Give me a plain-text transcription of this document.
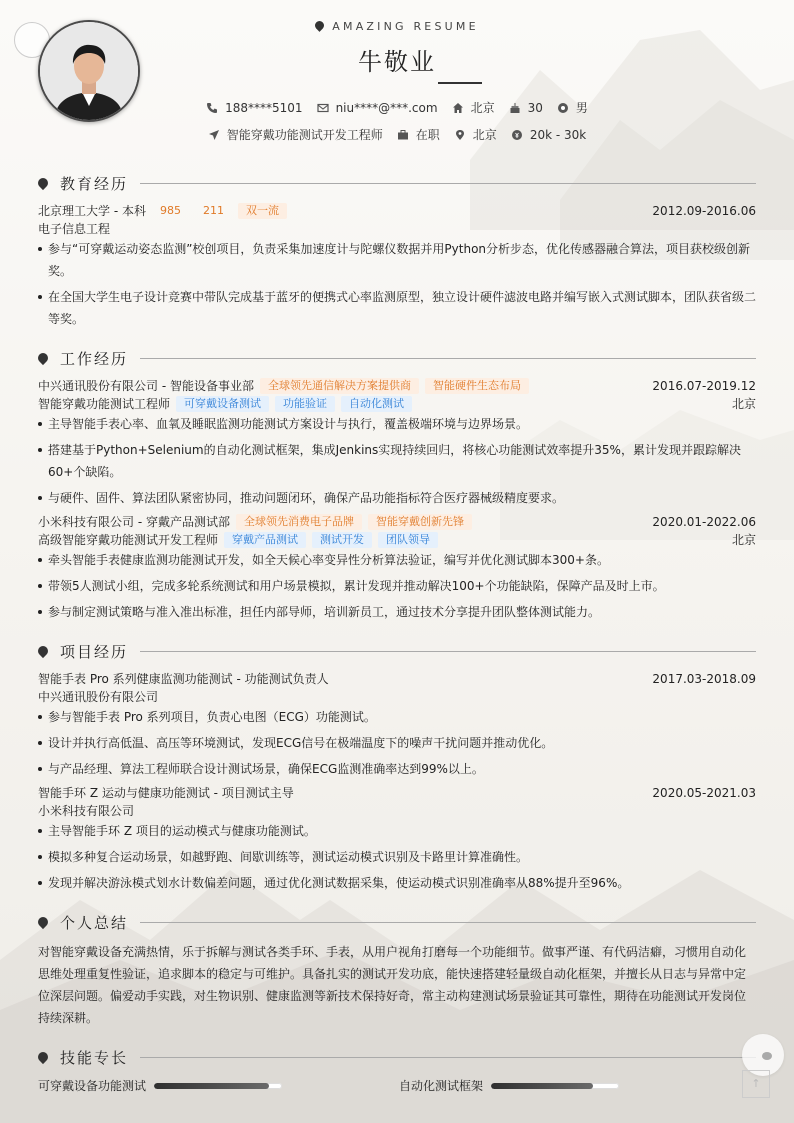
AMAZING RESUME
牛敬业
188****5101	niu****@***.com	北京	30	男
智能穿戴功能测试开发工程师	在职	北京	20k - 30k
教育经历
北京理工大学 - 本科	985	211	双一流	2012.09-2016.06
电子信息工程
参与“可穿戴运动姿态监测”校创项目，负责采集加速度计与陀螺仪数据并用Python分析步态，优化传感器融合算法，项目获校级创新奖。
在全国大学生电子设计竞赛中带队完成基于蓝牙的便携式心率监测原型，独立设计硬件滤波电路并编写嵌入式测试脚本，团队获省级二等奖。
工作经历
中兴通讯股份有限公司 - 智能设备事业部	全球领先通信解决方案提供商	智能硬件生态布局	2016.07-2019.12
智能穿戴功能测试工程师	可穿戴设备测试	功能验证	自动化测试	北京
主导智能手表心率、血氧及睡眠监测功能测试方案设计与执行，覆盖极端环境与边界场景。
搭建基于Python+Selenium的自动化测试框架，集成Jenkins实现持续回归，将核心功能测试效率提升35%，累计发现并跟踪解决60+个缺陷。
与硬件、固件、算法团队紧密协同，推动问题闭环，确保产品功能指标符合医疗器械级精度要求。
小米科技有限公司 - 穿戴产品测试部	全球领先消费电子品牌	智能穿戴创新先锋	2020.01-2022.06
高级智能穿戴功能测试开发工程师	穿戴产品测试	测试开发	团队领导	北京
牵头智能手表健康监测功能测试开发，如全天候心率变异性分析算法验证，编写并优化测试脚本300+条。
带领5人测试小组，完成多轮系统测试和用户场景模拟，累计发现并推动解决100+个功能缺陷，保障产品及时上市。
参与制定测试策略与准入准出标准，担任内部导师，培训新员工，通过技术分享提升团队整体测试能力。
项目经历
智能手表 Pro 系列健康监测功能测试 - 功能测试负责人	2017.03-2018.09
中兴通讯股份有限公司
参与智能手表 Pro 系列项目，负责心电图（ECG）功能测试。
设计并执行高低温、高压等环境测试，发现ECG信号在极端温度下的噪声干扰问题并推动优化。
与产品经理、算法工程师联合设计测试场景，确保ECG监测准确率达到99%以上。
智能手环 Z 运动与健康功能测试 - 项目测试主导	2020.05-2021.03
小米科技有限公司
主导智能手环 Z 项目的运动模式与健康功能测试。
模拟多种复合运动场景，如越野跑、间歇训练等，测试运动模式识别及卡路里计算准确性。
发现并解决游泳模式划水计数偏差问题，通过优化测试数据采集，使运动模式识别准确率从88%提升至96%。
个人总结

对智能穿戴设备充满热情，乐于拆解与测试各类手环、手表，从用户视角打磨每一个功能细节。做事严谨、有代码洁癖，习惯用自动化思维处理重复性验证，追求脚本的稳定与可维护。具备扎实的测试开发功底，能快速搭建轻量级自动化框架，并擅长从日志与异常中定位深层问题。偏爱动手实践，对生物识别、健康监测等新技术保持好奇，常主动构建测试场景验证其可靠性，期待在功能测试开发岗位持续深耕。

技能专长
可穿戴设备功能测试	自动化测试框架	↑
